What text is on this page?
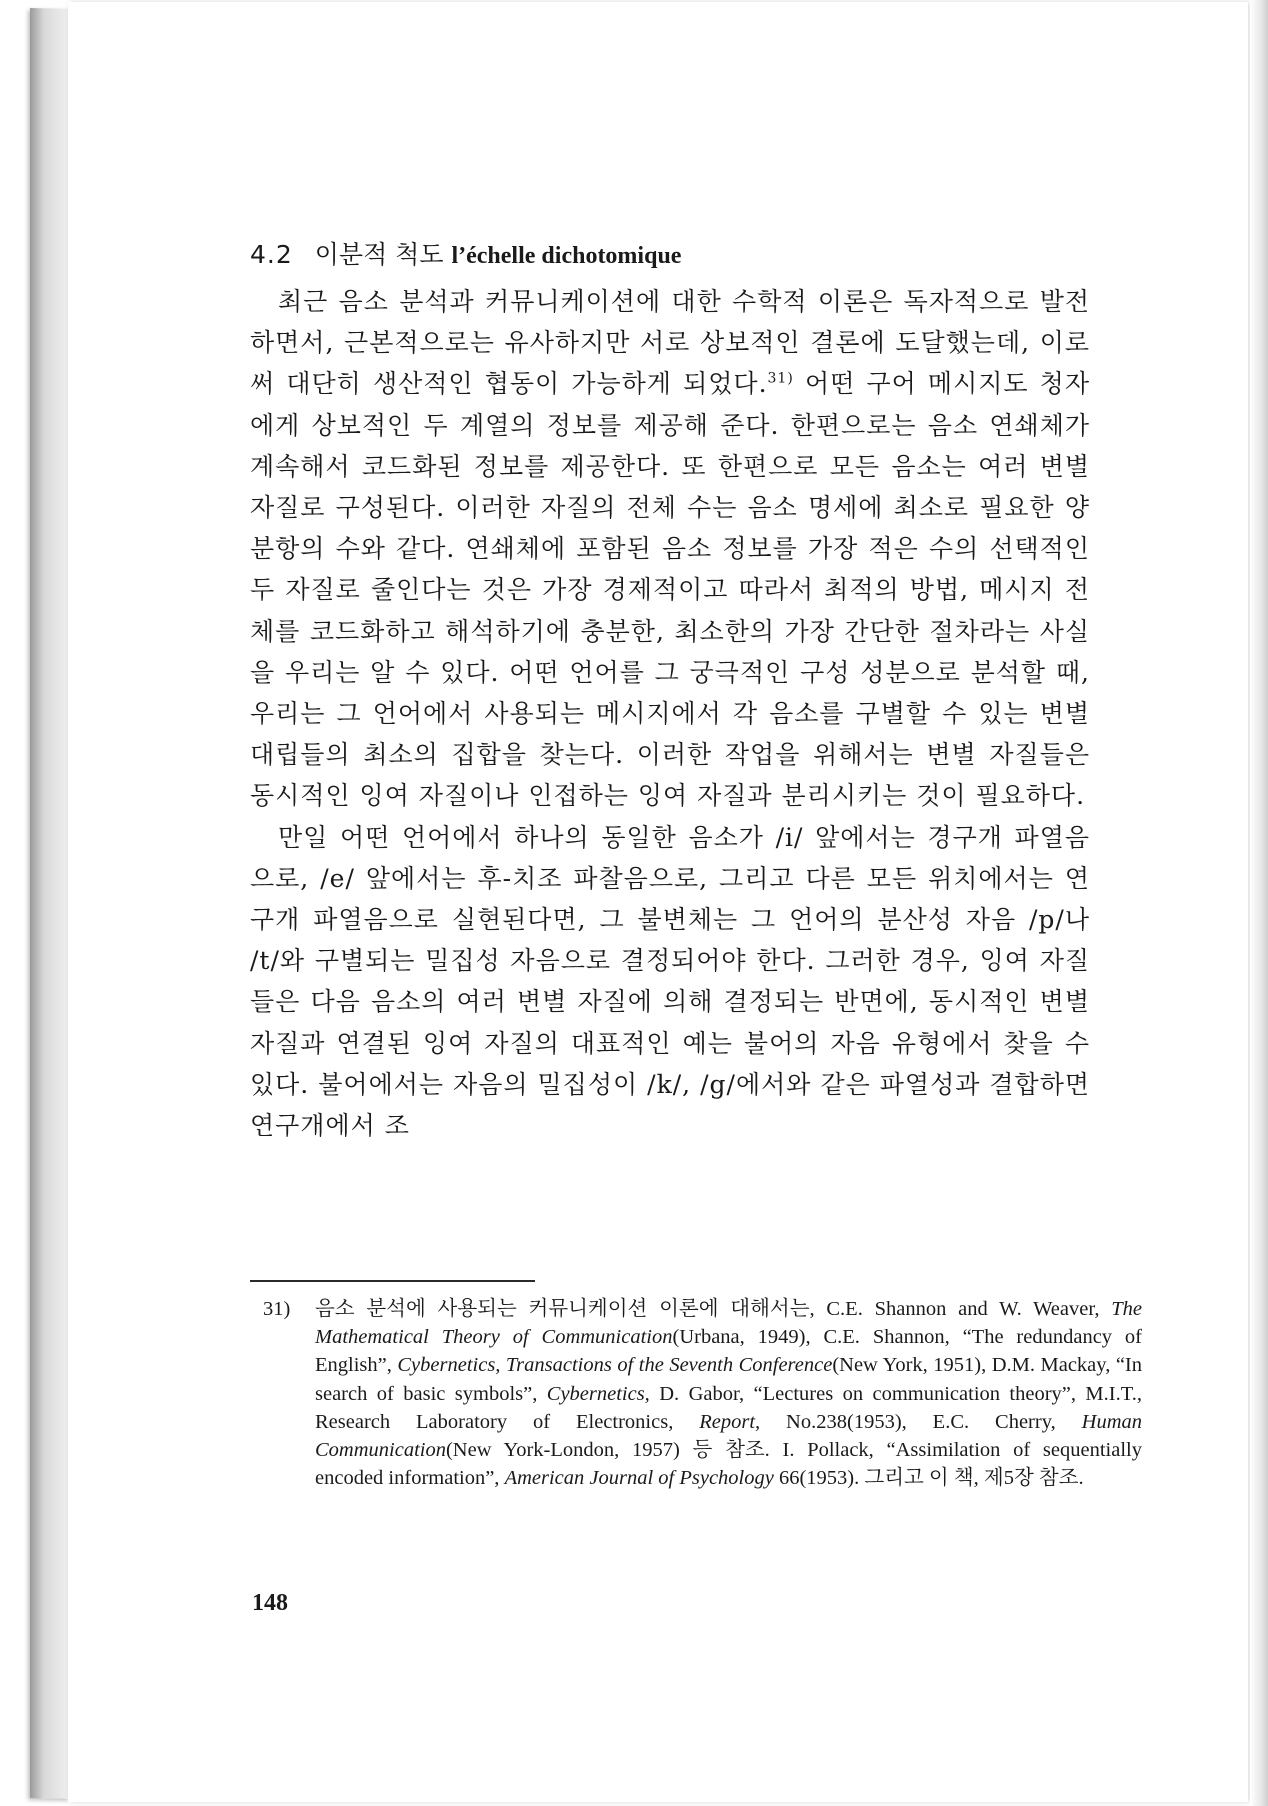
4.2 이분적 척도 l’échelle dichotomique

최근 음소 분석과 커뮤니케이션에 대한 수학적 이론은 독자적으로 발전하면서, 근본적으로는 유사하지만 서로 상보적인 결론에 도달했는데, 이로써 대단히 생산적인 협동이 가능하게 되었다.$^{31)}$ 어떤 구어 메시지도 청자에게 상보적인 두 계열의 정보를 제공해 준다. 한편으로는 음소 연쇄체가 계속해서 코드화된 정보를 제공한다. 또 한편으로 모든 음소는 여러 변별 자질로 구성된다. 이러한 자질의 전체 수는 음소 명세에 최소로 필요한 양분항의 수와 같다. 연쇄체에 포함된 음소 정보를 가장 적은 수의 선택적인 두 자질로 줄인다는 것은 가장 경제적이고 따라서 최적의 방법, 메시지 전체를 코드화하고 해석하기에 충분한, 최소한의 가장 간단한 절차라는 사실을 우리는 알 수 있다. 어떤 언어를 그 궁극적인 구성 성분으로 분석할 때, 우리는 그 언어에서 사용되는 메시지에서 각 음소를 구별할 수 있는 변별 대립들의 최소의 집합을 찾는다. 이러한 작업을 위해서는 변별 자질들은 동시적인 잉여 자질이나 인접하는 잉여 자질과 분리시키는 것이 필요하다.

만일 어떤 언어에서 하나의 동일한 음소가 /i/ 앞에서는 경구개 파열음으로, /e/ 앞에서는 후-치조 파찰음으로, 그리고 다른 모든 위치에서는 연구개 파열음으로 실현된다면, 그 불변체는 그 언어의 분산성 자음 /p/나 /t/와 구별되는 밀집성 자음으로 결정되어야 한다. 그러한 경우, 잉여 자질들은 다음 음소의 여러 변별 자질에 의해 결정되는 반면에, 동시적인 변별 자질과 연결된 잉여 자질의 대표적인 예는 불어의 자음 유형에서 찾을 수 있다. 불어에서는 자음의 밀집성이 /k/, /g/에서와 같은 파열성과 결합하면 연구개에서 조

31) 음소 분석에 사용되는 커뮤니케이션 이론에 대해서는, C.E. Shannon and W. Weaver, The Mathematical Theory of Communication(Urbana, 1949), C.E. Shannon, “The redundancy of English”, Cybernetics, Transactions of the Seventh Conference(New York, 1951), D.M. Mackay, “In search of basic symbols”, Cybernetics, D. Gabor, “Lectures on communication theory”, M.I.T., Research Laboratory of Electronics, Report, No.238(1953), E.C. Cherry, Human Communication(New York-London, 1957) 등 참조. I. Pollack, “Assimilation of sequentially encoded information”, American Journal of Psychology 66(1953). 그리고 이 책, 제5장 참조.
148
